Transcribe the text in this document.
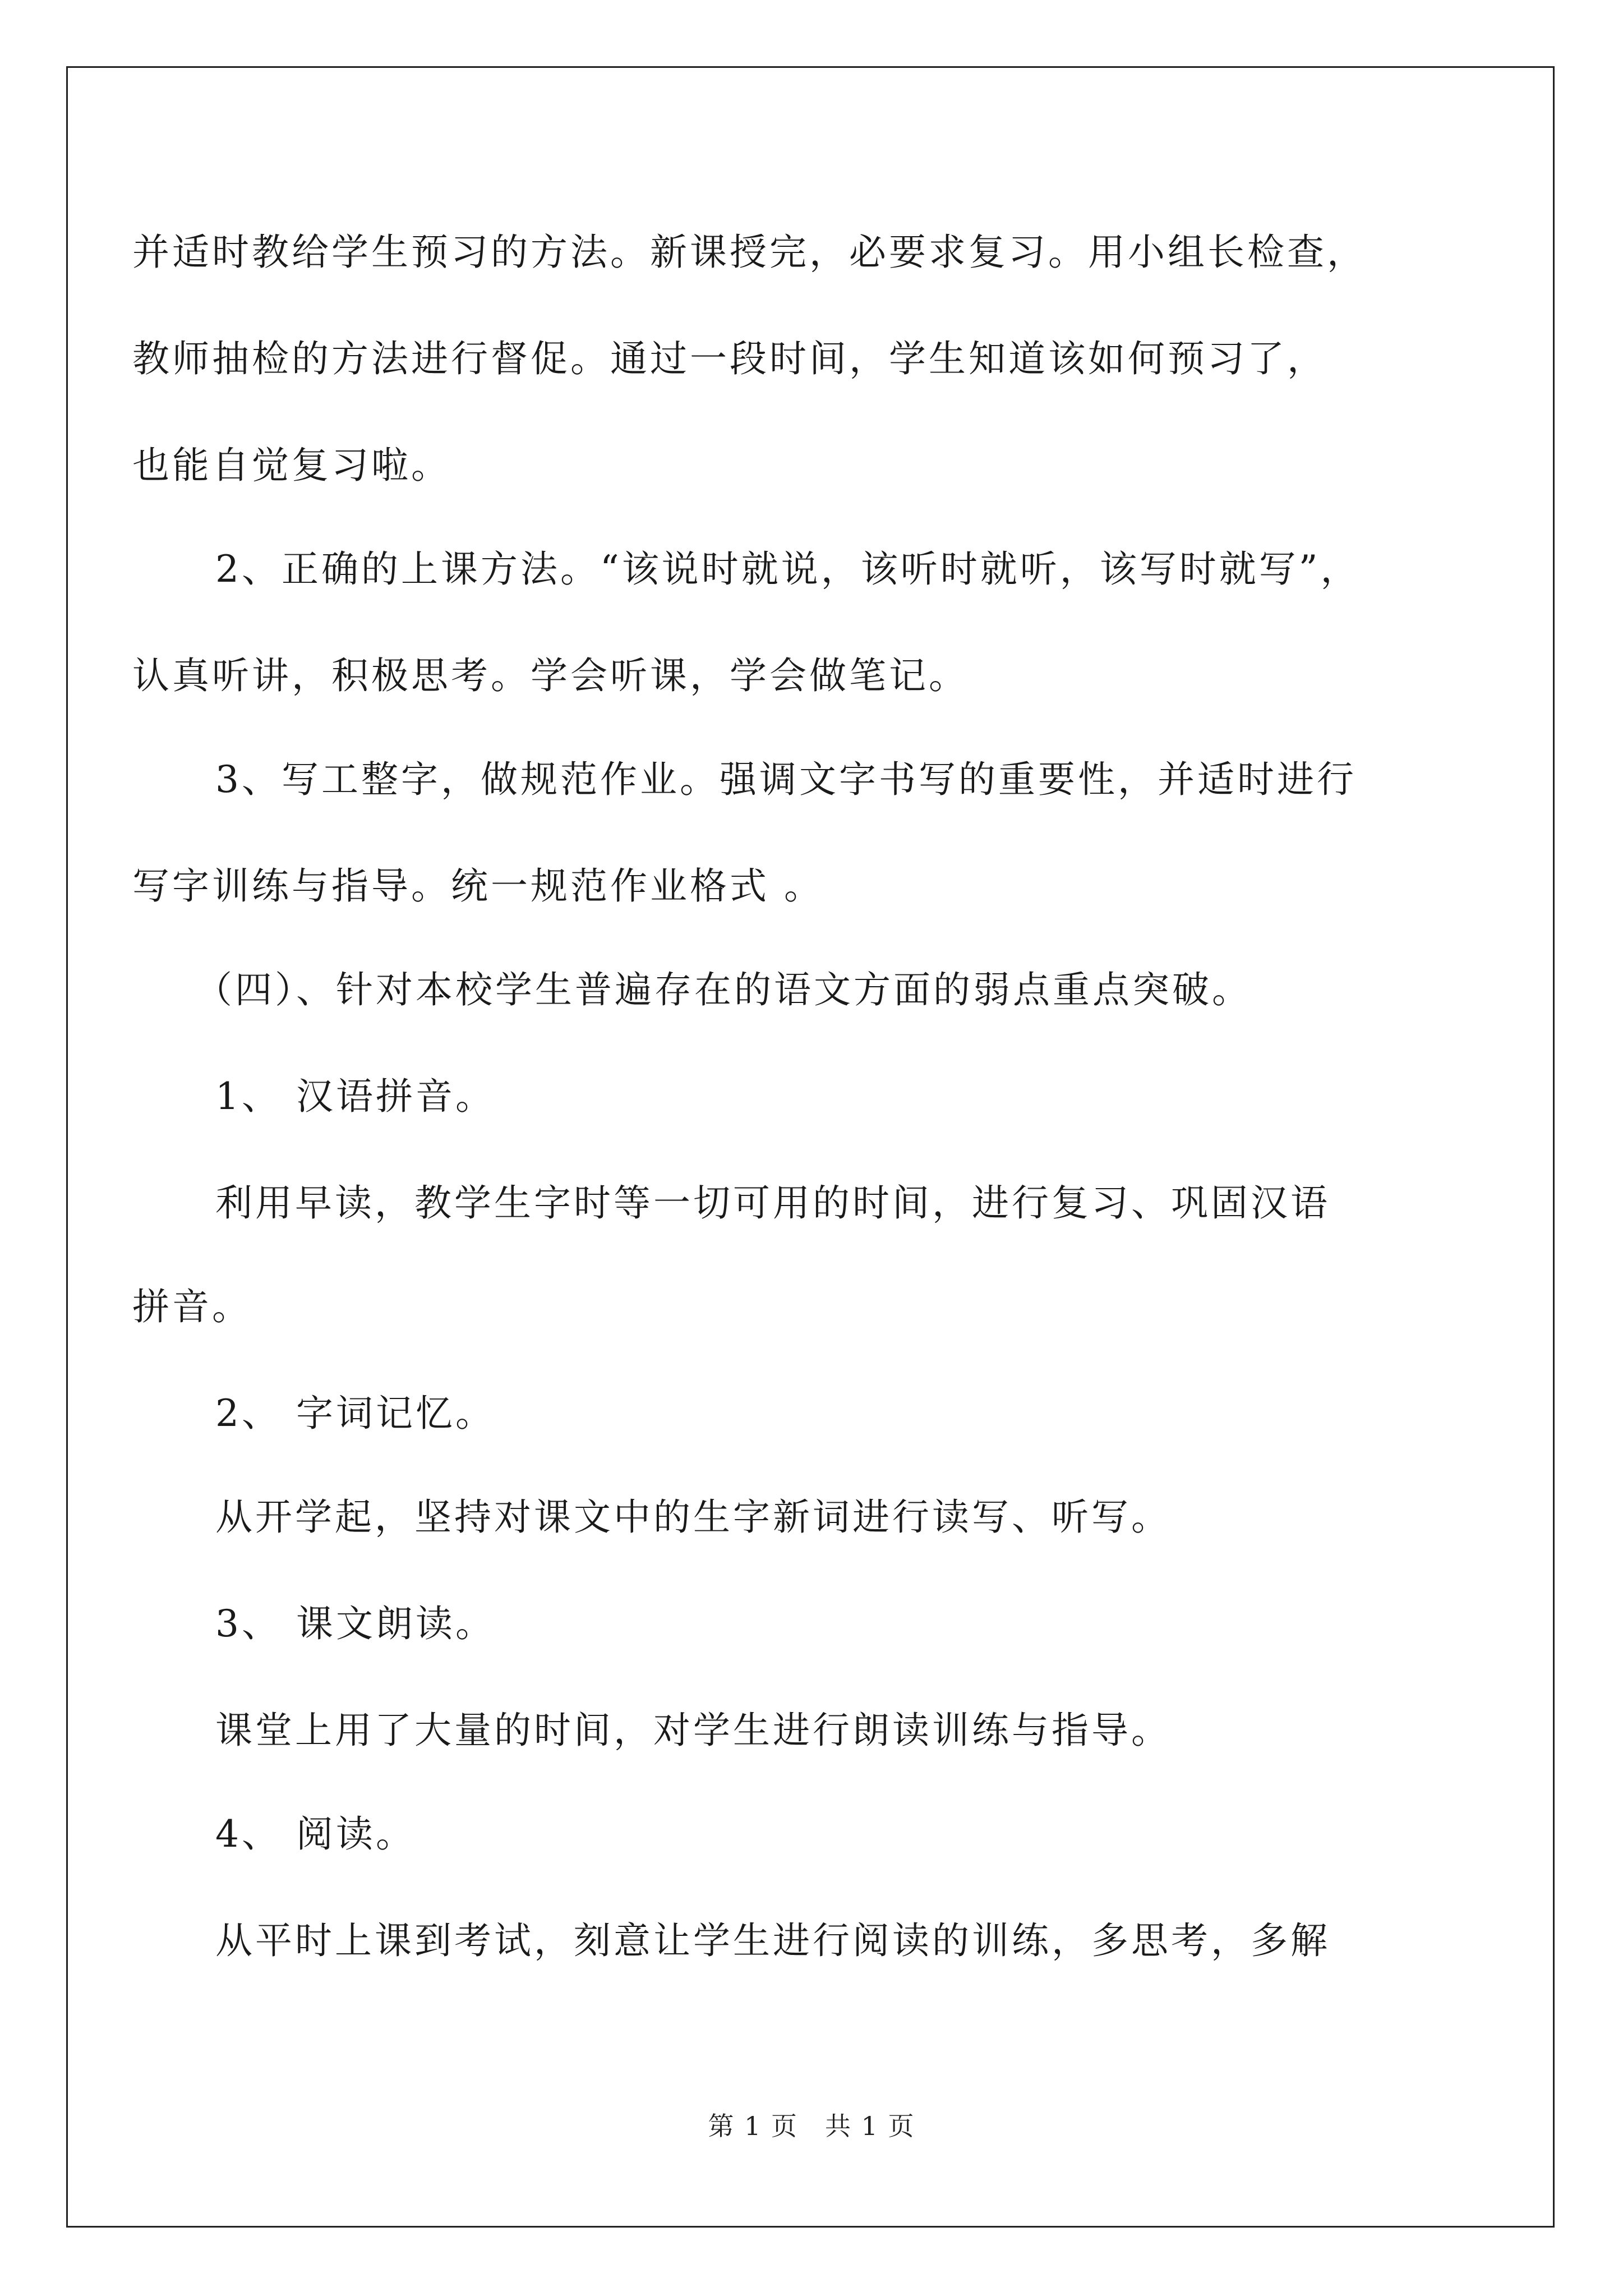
并适时教给学生预习的方法。新课授完，必要求复习。用小组长检查，

教师抽检的方法进行督促。通过一段时间，学生知道该如何预习了，

也能自觉复习啦。

2、正确的上课方法。“该说时就说，该听时就听，该写时就写”，

认真听讲，积极思考。学会听课，学会做笔记。

3、写工整字，做规范作业。强调文字书写的重要性，并适时进行

写字训练与指导。统一规范作业格式 。

（四）、针对本校学生普遍存在的语文方面的弱点重点突破。

1、 汉语拼音。

利用早读，教学生字时等一切可用的时间，进行复习、巩固汉语

拼音。

2、 字词记忆。

从开学起，坚持对课文中的生字新词进行读写、听写。

3、 课文朗读。

课堂上用了大量的时间，对学生进行朗读训练与指导。

4、 阅读。

从平时上课到考试，刻意让学生进行阅读的训练，多思考，多解

第 1 页　共 1 页
